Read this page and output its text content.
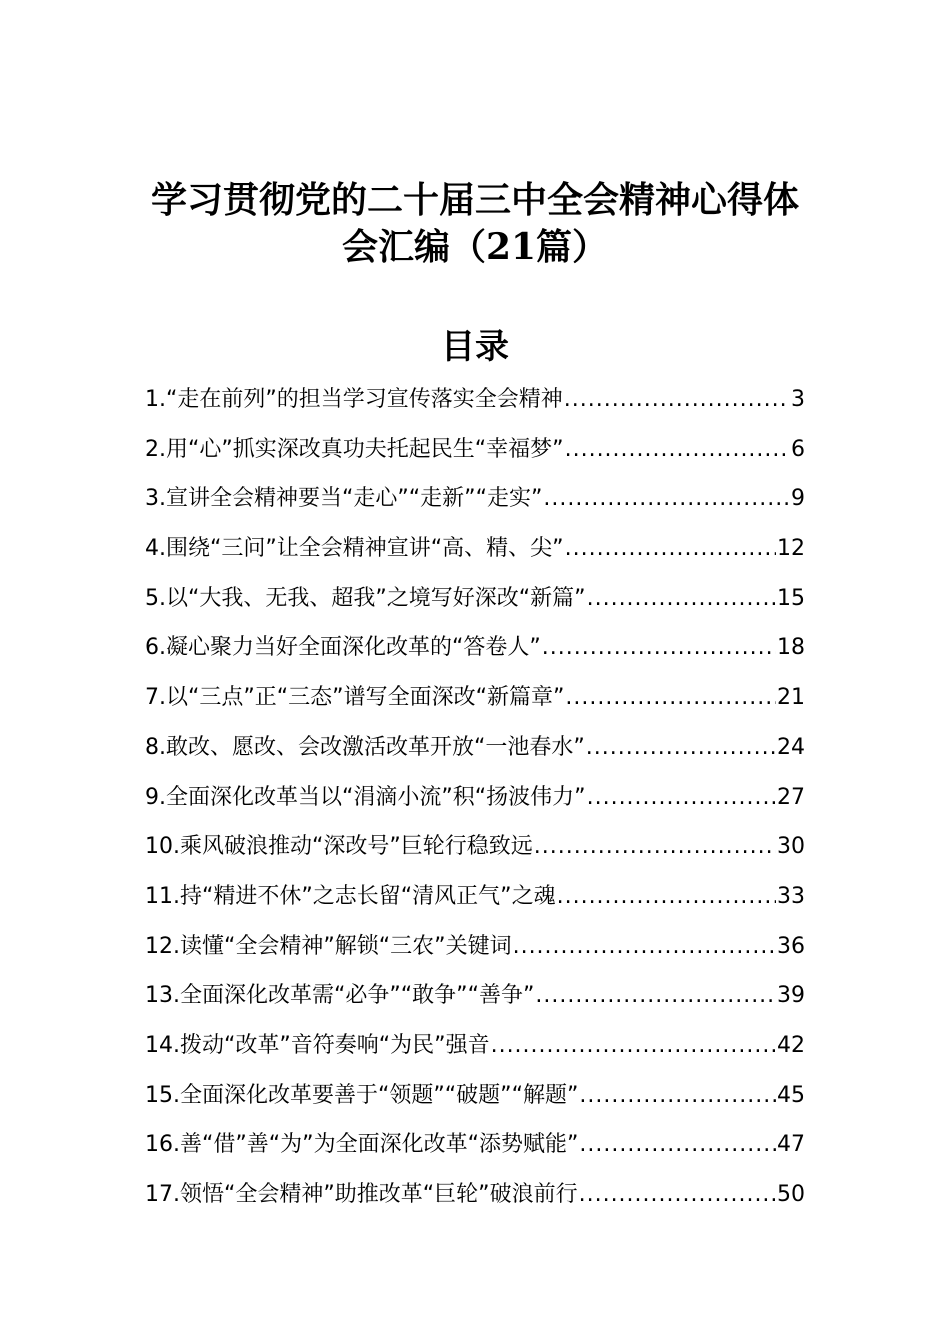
学习贯彻党的二十届三中全会精神心得体
会汇编（21篇）
目录
1.“走在前列”的担当学习宣传落实全会精神 .....	3
2.用“心”抓实深改真功夫托起民生“幸福梦” .....	6
3.宣讲全会精神要当“走心”“走新”“走实” .....	9
4.围绕“三问”让全会精神宣讲“高、精、尖” .....	12
5.以“大我、无我、超我”之境写好深改“新篇” .....	15
6.凝心聚力当好全面深化改革的“答卷人” .....	18
7.以“三点”正“三态”谱写全面深改“新篇章” .....	21
8.敢改、愿改、会改激活改革开放“一池春水” .....	24
9.全面深化改革当以“涓滴小流”积“扬波伟力” .....	27
10.乘风破浪推动“深改号”巨轮行稳致远 .....	30
11.持“精进不休”之志长留“清风正气”之魂 .....	33
12.读懂“全会精神”解锁“三农”关键词 .....	36
13.全面深化改革需“必争”“敢争”“善争” .....	39
14.拨动“改革”音符奏响“为民”强音 .....	42
15.全面深化改革要善于“领题”“破题”“解题” .....	45
16.善“借”善“为”为全面深化改革“添势赋能” .....	47
17.领悟“全会精神”助推改革“巨轮”破浪前行 .....	50
